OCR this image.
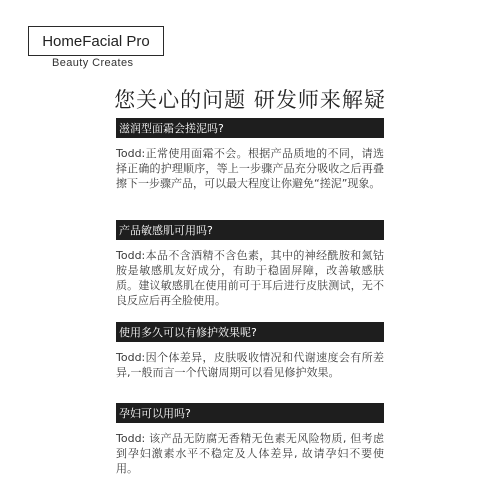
HomeFacial Pro
Beauty Creates
您关心的问题 研发师来解疑
滋润型面霜会搓泥吗?
Todd:正常使用面霜不会。根据产品质地的不同，请选择正确的护理顺序，等上一步骤产品充分吸收之后再叠擦下一步骤产品，可以最大程度让你避免“搓泥”现象。
产品敏感肌可用吗?
Todd:本品不含酒精不含色素，其中的神经酰胺和氮钴胺是敏感肌友好成分，有助于稳固屏障，改善敏感肤质。建议敏感肌在使用前可于耳后进行皮肤测试，无不良反应后再全脸使用。
使用多久可以有修护效果呢?
Todd:因个体差异，皮肤吸收情况和代谢速度会有所差异,一般而言一个代谢周期可以看见修护效果。
孕妇可以用吗?
Todd: 该产品无防腐无香精无色素无风险物质, 但考虑到孕妇激素水平不稳定及人体差异, 故请孕妇不要使用。
